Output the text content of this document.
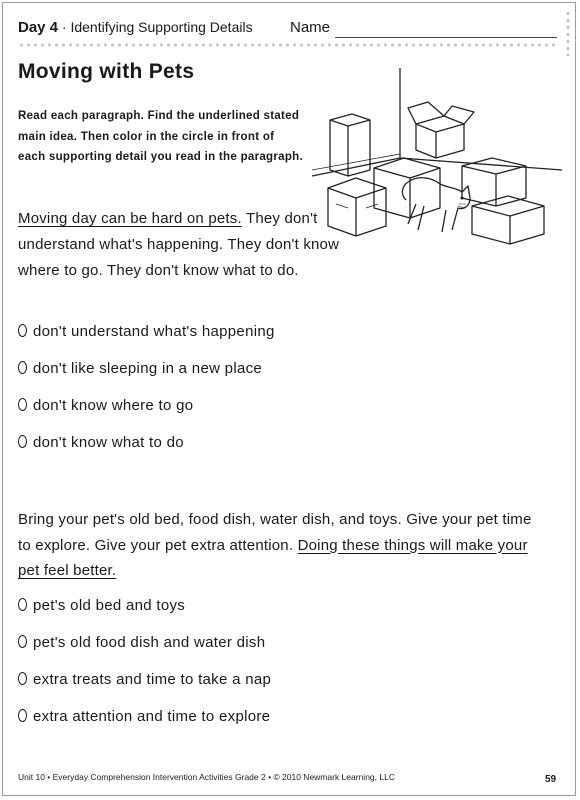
Day 4 · Identifying Supporting Details Name
Moving with Pets
Read each paragraph. Find the underlined stated main idea. Then color in the circle in front of each supporting detail you read in the paragraph.
Moving day can be hard on pets. They don't understand what's happening. They don't know where to go. They don't know what to do.
don't understand what's happening
don't like sleeping in a new place
don't know where to go
don't know what to do
Bring your pet's old bed, food dish, water dish, and toys. Give your pet time to explore. Give your pet extra attention. Doing these things will make your pet feel better.
pet's old bed and toys
pet's old food dish and water dish
extra treats and time to take a nap
extra attention and time to explore
Unit 10 • Everyday Comprehension Intervention Activities Grade 2 • © 2010 Newmark Learning, LLC	59
